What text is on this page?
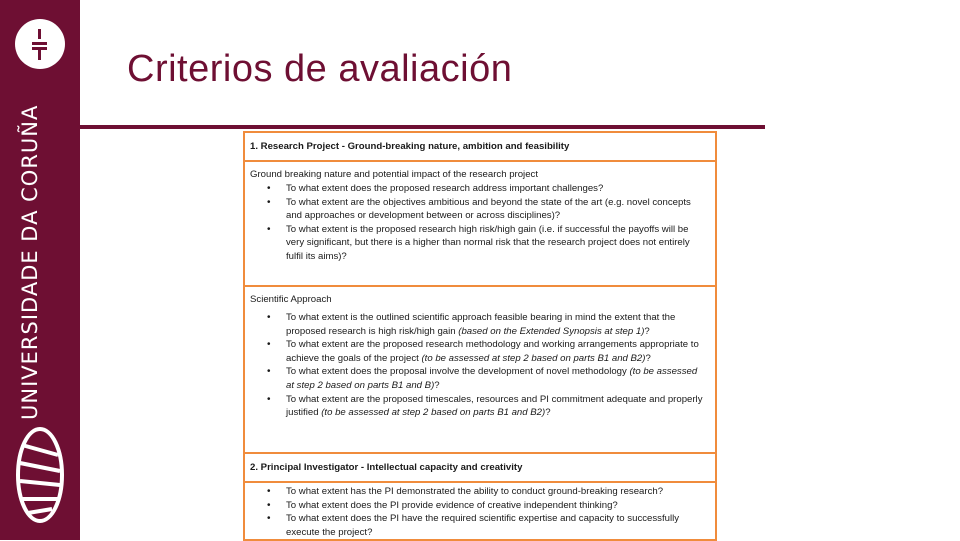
UNIVERSIDADE DA CORUÑA
Criterios de avaliación
1. Research Project - Ground-breaking nature, ambition and feasibility
Ground breaking nature and potential impact of the research project
• To what extent does the proposed research address important challenges?
• To what extent are the objectives ambitious and beyond the state of the art (e.g. novel concepts and approaches or development between or across disciplines)?
• To what extent is the proposed research high risk/high gain (i.e. if successful the payoffs will be very significant, but there is a higher than normal risk that the research project does not entirely fulfil its aims)?
Scientific Approach
• To what extent is the outlined scientific approach feasible bearing in mind the extent that the proposed research is high risk/high gain (based on the Extended Synopsis at step 1)?
• To what extent are the proposed research methodology and working arrangements appropriate to achieve the goals of the project (to be assessed at step 2 based on parts B1 and B2)?
• To what extent does the proposal involve the development of novel methodology (to be assessed at step 2 based on parts B1 and B)?
• To what extent are the proposed timescales, resources and PI commitment adequate and properly justified (to be assessed at step 2 based on parts B1 and B2)?
2. Principal Investigator - Intellectual capacity and creativity
• To what extent has the PI demonstrated the ability to conduct ground-breaking research?
• To what extent does the PI provide evidence of creative independent thinking?
• To what extent does the PI have the required scientific expertise and capacity to successfully execute the project?
